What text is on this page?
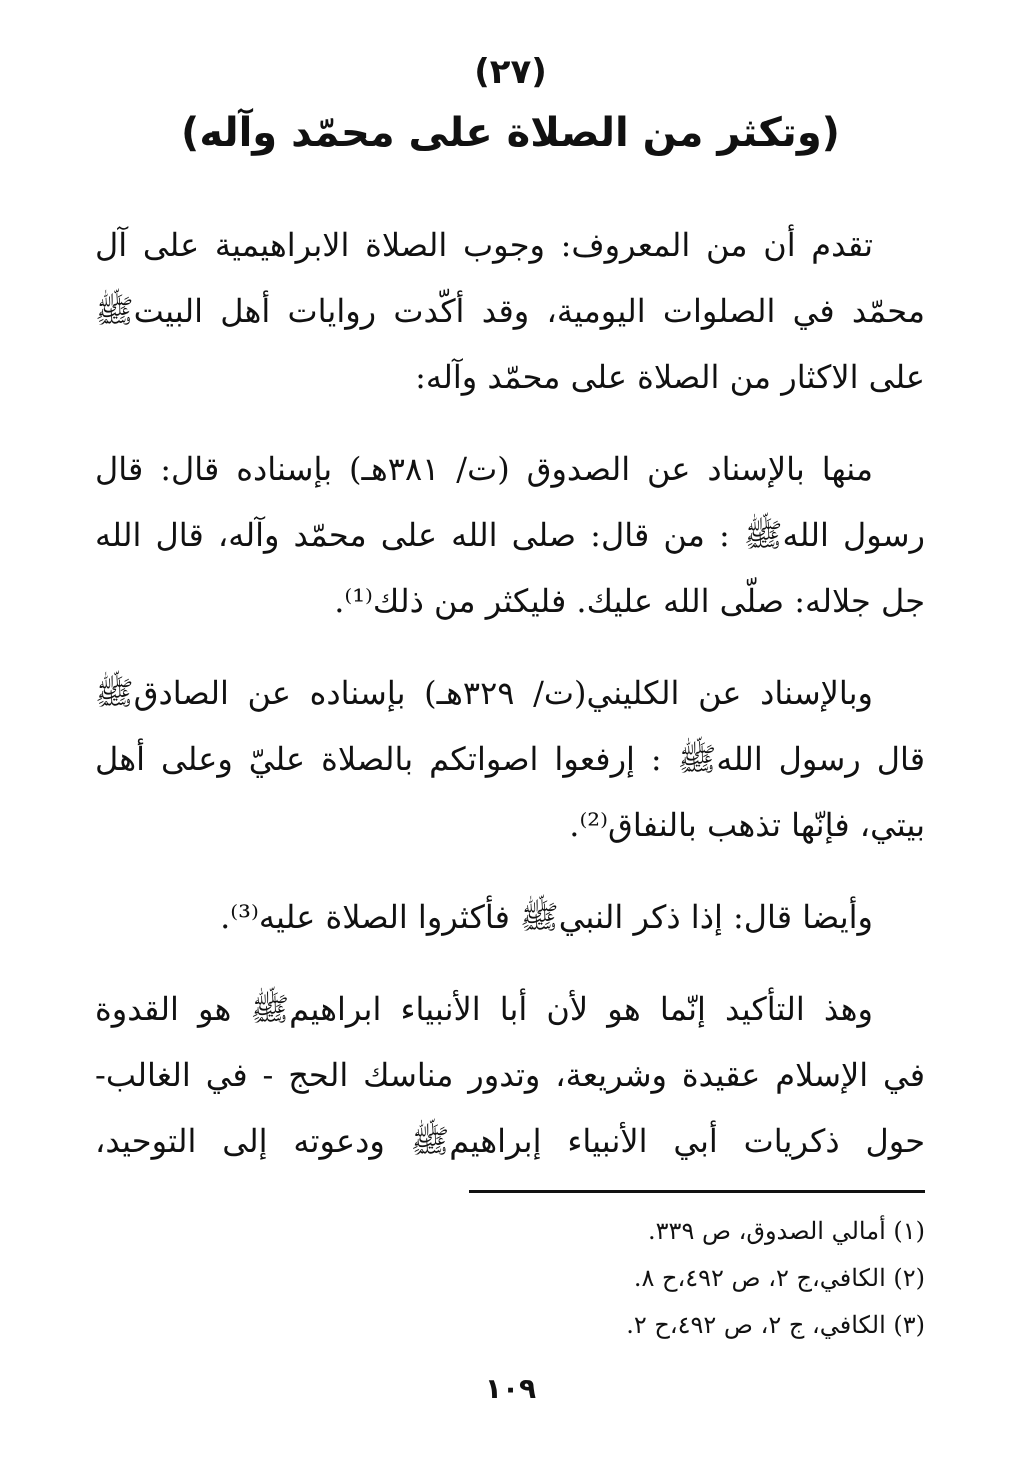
(٢٧)
(وتكثر من الصلاة على محمّد وآله)

تقدم أن من المعروف: وجوب الصلاة الابراهيمية على آل
محمّد في الصلوات اليومية، وقد أكّدت روايات أهل البيتﷺ
على الاكثار من الصلاة على محمّد وآله:

منها بالإسناد عن الصدوق (ت/ ٣٨١هـ) بإسناده قال: قال
رسول اللهﷺ : من قال: صلى الله على محمّد وآله، قال الله
جل جلاله: صلّى الله عليك. فليكثر من ذلك⁽¹⁾.

وبالإسناد عن الكليني(ت/ ٣٢٩هـ) بإسناده عن الصادقﷺ
قال رسول اللهﷺ : إرفعوا اصواتكم بالصلاة عليّ وعلى أهل
بيتي، فإنّها تذهب بالنفاق⁽²⁾.

وأيضا قال: إذا ذكر النبيﷺ فأكثروا الصلاة عليه⁽³⁾.

وهذ التأكيد إنّما هو لأن أبا الأنبياء ابراهيمﷺ هو القدوة
في الإسلام عقيدة وشريعة، وتدور مناسك الحج - في الغالب-
حول ذكريات أبي الأنبياء إبراهيمﷺ ودعوته إلى التوحيد،

(١) أمالي الصدوق، ص ٣٣٩.
(٢) الكافي،ج ٢، ص ٤٩٢،ح ٨.
(٣) الكافي، ج ٢، ص ٤٩٢،ح ٢.
١٠٩
